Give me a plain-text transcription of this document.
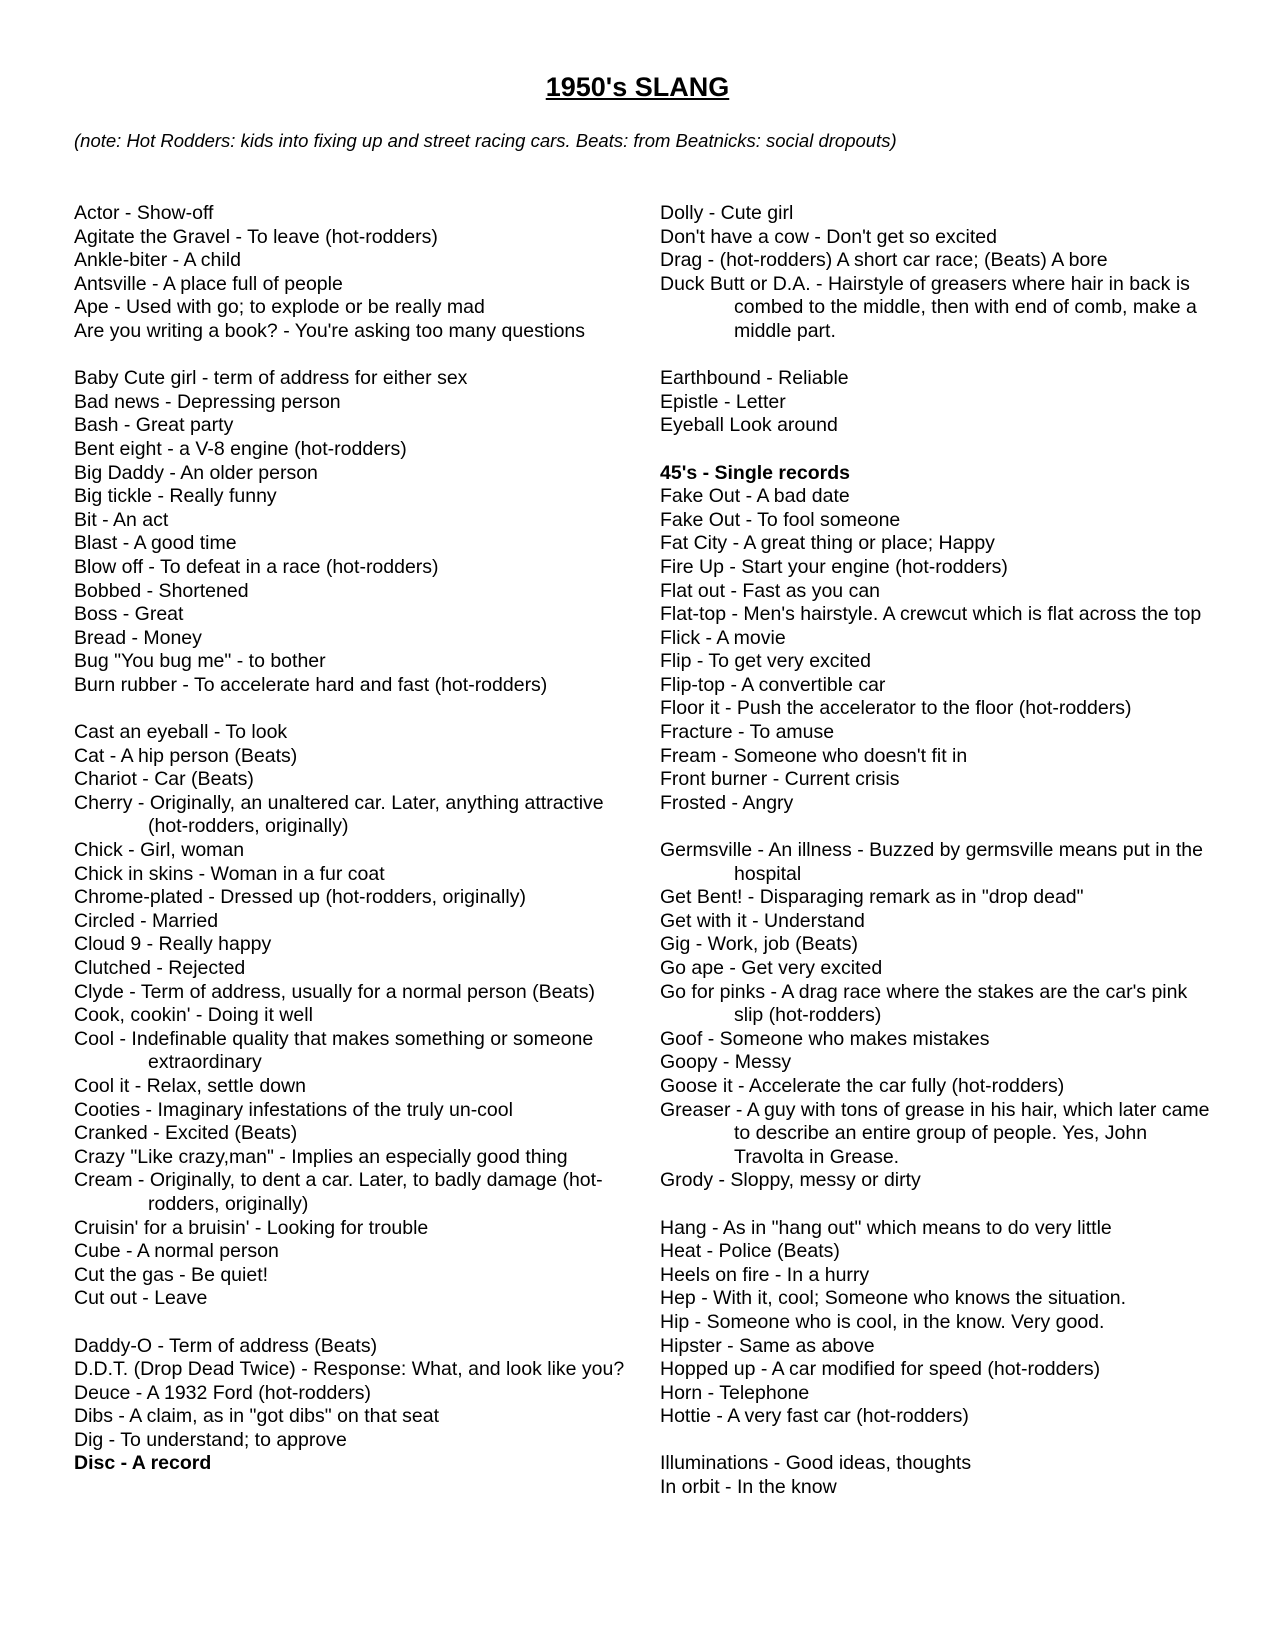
1950's SLANG
(note: Hot Rodders: kids into fixing up and street racing cars. Beats: from Beatnicks: social dropouts)

Actor - Show-off

Agitate the Gravel - To leave (hot-rodders)

Ankle-biter - A child

Antsville - A place full of people

Ape - Used with go; to explode or be really mad

Are you writing a book? - You're asking too many questions

Baby Cute girl - term of address for either sex

Bad news - Depressing person

Bash - Great party

Bent eight - a V-8 engine (hot-rodders)

Big Daddy - An older person

Big tickle - Really funny

Bit - An act

Blast - A good time

Blow off - To defeat in a race (hot-rodders)

Bobbed - Shortened

Boss - Great

Bread - Money

Bug "You bug me" - to bother

Burn rubber - To accelerate hard and fast (hot-rodders)

Cast an eyeball - To look

Cat - A hip person (Beats)

Chariot - Car (Beats)

Cherry - Originally, an unaltered car. Later, anything attractive (hot-rodders, originally)

Chick - Girl, woman

Chick in skins - Woman in a fur coat

Chrome-plated - Dressed up (hot-rodders, originally)

Circled - Married

Cloud 9 - Really happy

Clutched - Rejected

Clyde - Term of address, usually for a normal person (Beats)

Cook, cookin' - Doing it well

Cool - Indefinable quality that makes something or someone extraordinary

Cool it - Relax, settle down

Cooties - Imaginary infestations of the truly un-cool

Cranked - Excited (Beats)

Crazy "Like crazy,man" - Implies an especially good thing

Cream - Originally, to dent a car. Later, to badly damage (hot-rodders, originally)

Cruisin' for a bruisin' - Looking for trouble

Cube - A normal person

Cut the gas - Be quiet!

Cut out - Leave

Daddy-O - Term of address (Beats)

D.D.T. (Drop Dead Twice) - Response: What, and look like you?

Deuce - A 1932 Ford (hot-rodders)

Dibs - A claim, as in "got dibs" on that seat

Dig - To understand; to approve

Disc - A record

Dolly - Cute girl

Don't have a cow - Don't get so excited

Drag - (hot-rodders) A short car race; (Beats) A bore

Duck Butt or D.A. - Hairstyle of greasers where hair in back is combed to the middle, then with end of comb, make a middle part.

Earthbound - Reliable

Epistle - Letter

Eyeball Look around

45's - Single records

Fake Out - A bad date

Fake Out - To fool someone

Fat City - A great thing or place; Happy

Fire Up - Start your engine (hot-rodders)

Flat out - Fast as you can

Flat-top - Men's hairstyle. A crewcut which is flat across the top

Flick - A movie

Flip - To get very excited

Flip-top - A convertible car

Floor it - Push the accelerator to the floor (hot-rodders)

Fracture - To amuse

Fream - Someone who doesn't fit in

Front burner - Current crisis

Frosted - Angry

Germsville - An illness - Buzzed by germsville means put in the hospital

Get Bent! - Disparaging remark as in "drop dead"

Get with it - Understand

Gig - Work, job (Beats)

Go ape - Get very excited

Go for pinks - A drag race where the stakes are the car's pink slip (hot-rodders)

Goof - Someone who makes mistakes

Goopy - Messy

Goose it - Accelerate the car fully (hot-rodders)

Greaser - A guy with tons of grease in his hair, which later came to describe an entire group of people. Yes, John Travolta in Grease.

Grody - Sloppy, messy or dirty

Hang - As in "hang out" which means to do very little

Heat - Police (Beats)

Heels on fire - In a hurry

Hep - With it, cool; Someone who knows the situation.

Hip - Someone who is cool, in the know. Very good.

Hipster - Same as above

Hopped up - A car modified for speed (hot-rodders)

Horn - Telephone

Hottie - A very fast car (hot-rodders)

Illuminations - Good ideas, thoughts

In orbit - In the know
